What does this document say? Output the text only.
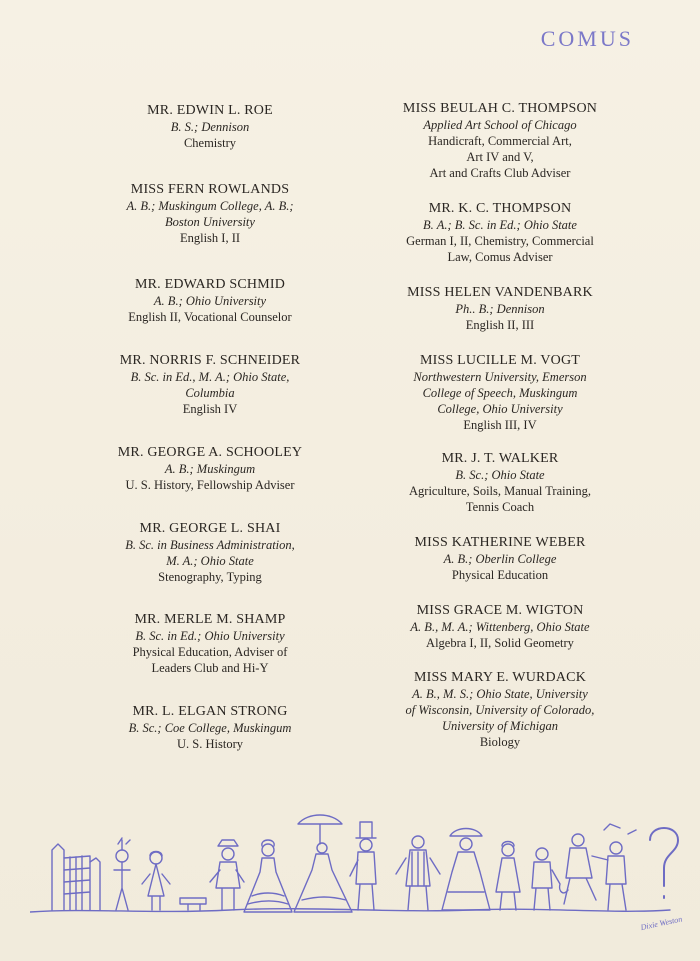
COMUS
MR. EDWIN L. ROE
B. S.; Dennison
Chemistry
MISS FERN ROWLANDS
A. B.; Muskingum College, A. B.;
Boston University
English I, II
MR. EDWARD SCHMID
A. B.; Ohio University
English II, Vocational Counselor
MR. NORRIS F. SCHNEIDER
B. Sc. in Ed., M. A.; Ohio State,
Columbia
English IV
MR. GEORGE A. SCHOOLEY
A. B.; Muskingum
U. S. History, Fellowship Adviser
MR. GEORGE L. SHAI
B. Sc. in Business Administration,
M. A.; Ohio State
Stenography, Typing
MR. MERLE M. SHAMP
B. Sc. in Ed.; Ohio University
Physical Education, Adviser of
Leaders Club and Hi-Y
MR. L. ELGAN STRONG
B. Sc.; Coe College, Muskingum
U. S. History
MISS BEULAH C. THOMPSON
Applied Art School of Chicago
Handicraft, Commercial Art,
Art IV and V,
Art and Crafts Club Adviser
MR. K. C. THOMPSON
B. A.; B. Sc. in Ed.; Ohio State
German I, II, Chemistry, Commercial
Law, Comus Adviser
MISS HELEN VANDENBARK
Ph.. B.; Dennison
English II, III
MISS LUCILLE M. VOGT
Northwestern University, Emerson
College of Speech, Muskingum
College, Ohio University
English III, IV
MR. J. T. WALKER
B. Sc.; Ohio State
Agriculture, Soils, Manual Training,
Tennis Coach
MISS KATHERINE WEBER
A. B.; Oberlin College
Physical Education
MISS GRACE M. WIGTON
A. B., M. A.; Wittenberg, Ohio State
Algebra I, II, Solid Geometry
MISS MARY E. WURDACK
A. B., M. S.; Ohio State, University
of Wisconsin, University of Colorado,
University of Michigan
Biology
Dixie Weston
